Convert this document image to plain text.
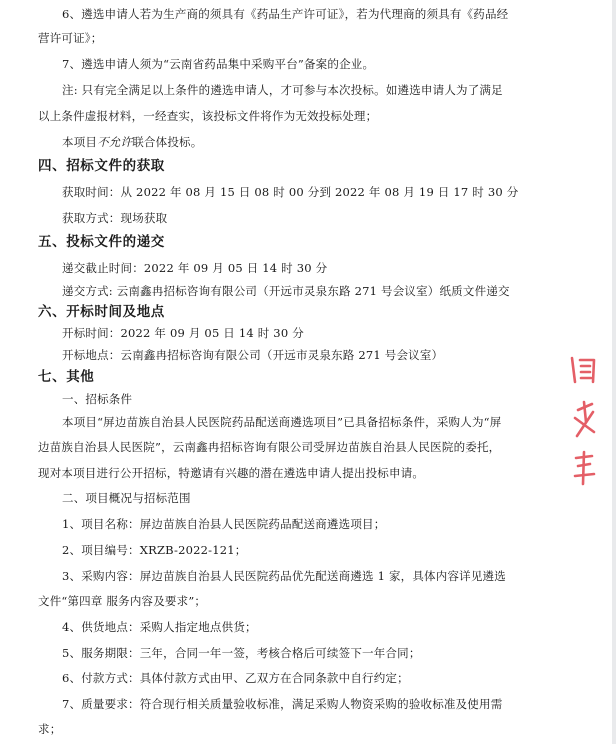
6、遴选申请人若为生产商的须具有《药品生产许可证》，若为代理商的须具有《药品经
营许可证》；
7、遴选申请人须为“云南省药品集中采购平台”备案的企业。
注: 只有完全满足以上条件的遴选申请人，才可参与本次投标。如遴选申请人为了满足
以上条件虚报材料，一经查实，该投标文件将作为无效投标处理；
本项目不允许联合体投标。
四、招标文件的获取
获取时间：从 2022 年 08 月 15 日 08 时 00 分到 2022 年 08 月 19 日 17 时 30 分
获取方式：现场获取
五、投标文件的递交
递交截止时间：2022 年 09 月 05 日 14 时 30 分
递交方式: 云南鑫冉招标咨询有限公司（开远市灵泉东路 271 号会议室）纸质文件递交
六、开标时间及地点
开标时间：2022 年 09 月 05 日 14 时 30 分
开标地点：云南鑫冉招标咨询有限公司（开远市灵泉东路 271 号会议室）
七、其他
一、招标条件
本项目“屏边苗族自治县人民医院药品配送商遴选项目”已具备招标条件，采购人为“屏
边苗族自治县人民医院”，云南鑫冉招标咨询有限公司受屏边苗族自治县人民医院的委托，
现对本项目进行公开招标，特邀请有兴趣的潜在遴选申请人提出投标申请。
二、项目概况与招标范围
1、项目名称：屏边苗族自治县人民医院药品配送商遴选项目；
2、项目编号：XRZB-2022-121；
3、采购内容：屏边苗族自治县人民医院药品优先配送商遴选 1 家，具体内容详见遴选
文件“第四章 服务内容及要求”；
4、供货地点：采购人指定地点供货；
5、服务期限：三年，合同一年一签，考核合格后可续签下一年合同；
6、付款方式：具体付款方式由甲、乙双方在合同条款中自行约定；
7、质量要求：符合现行相关质量验收标准，满足采购人物资采购的验收标准及使用需
求；
